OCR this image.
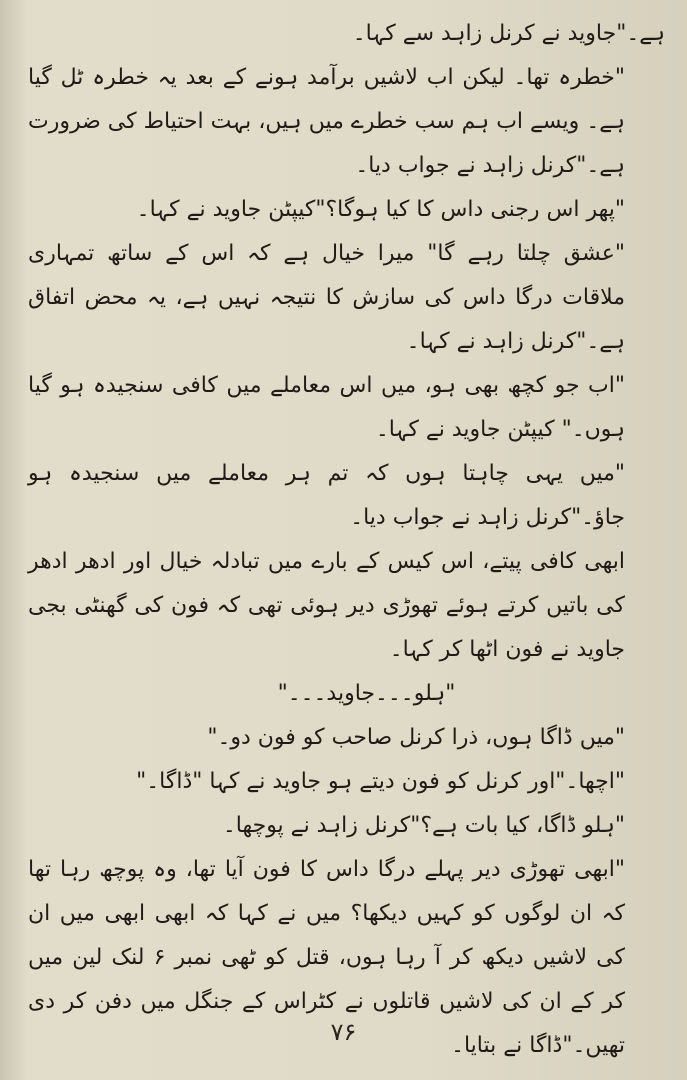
ہے۔"جاوید نے کرنل زاہد سے کہا۔

"خطرہ تھا۔ لیکن اب لاشیں برآمد ہونے کے بعد یہ خطرہ ٹل گیا ہے۔ ویسے اب ہم سب خطرے میں ہیں، بہت احتیاط کی ضرورت ہے۔"کرنل زاہد نے جواب دیا۔

"پھر اس رجنی داس کا کیا ہوگا؟"کیپٹن جاوید نے کہا۔

"عشق چلتا رہے گا" میرا خیال ہے کہ اس کے ساتھ تمہاری ملاقات درگا داس کی سازش کا نتیجہ نہیں ہے، یہ محض اتفاق ہے۔"کرنل زاہد نے کہا۔

"اب جو کچھ بھی ہو، میں اس معاملے میں کافی سنجیدہ ہو گیا ہوں۔" کیپٹن جاوید نے کہا۔

"میں یہی چاہتا ہوں کہ تم ہر معاملے میں سنجیدہ ہو جاؤ۔"کرنل زاہد نے جواب دیا۔

ابھی کافی پیتے، اس کیس کے بارے میں تبادلہ خیال اور ادھر ادھر کی باتیں کرتے ہوئے تھوڑی دیر ہوئی تھی کہ فون کی گھنٹی بجی جاوید نے فون اٹھا کر کہا۔

"ہلو۔۔۔جاوید۔۔۔"

"میں ڈاگا ہوں، ذرا کرنل صاحب کو فون دو۔"

"اچھا۔"اور کرنل کو فون دیتے ہو جاوید نے کہا "ڈاگا۔"

"ہلو ڈاگا، کیا بات ہے؟"کرنل زاہد نے پوچھا۔

"ابھی تھوڑی دیر پہلے درگا داس کا فون آیا تھا، وہ پوچھ رہا تھا کہ ان لوگوں کو کہیں دیکھا؟ میں نے کہا کہ ابھی ابھی میں ان کی لاشیں دیکھ کر آ رہا ہوں، قتل کو ٹھی نمبر ۶ لنک لین میں کر کے ان کی لاشیں قاتلوں نے کٹراس کے جنگل میں دفن کر دی تھیں۔"ڈاگا نے بتایا۔

۷۶
